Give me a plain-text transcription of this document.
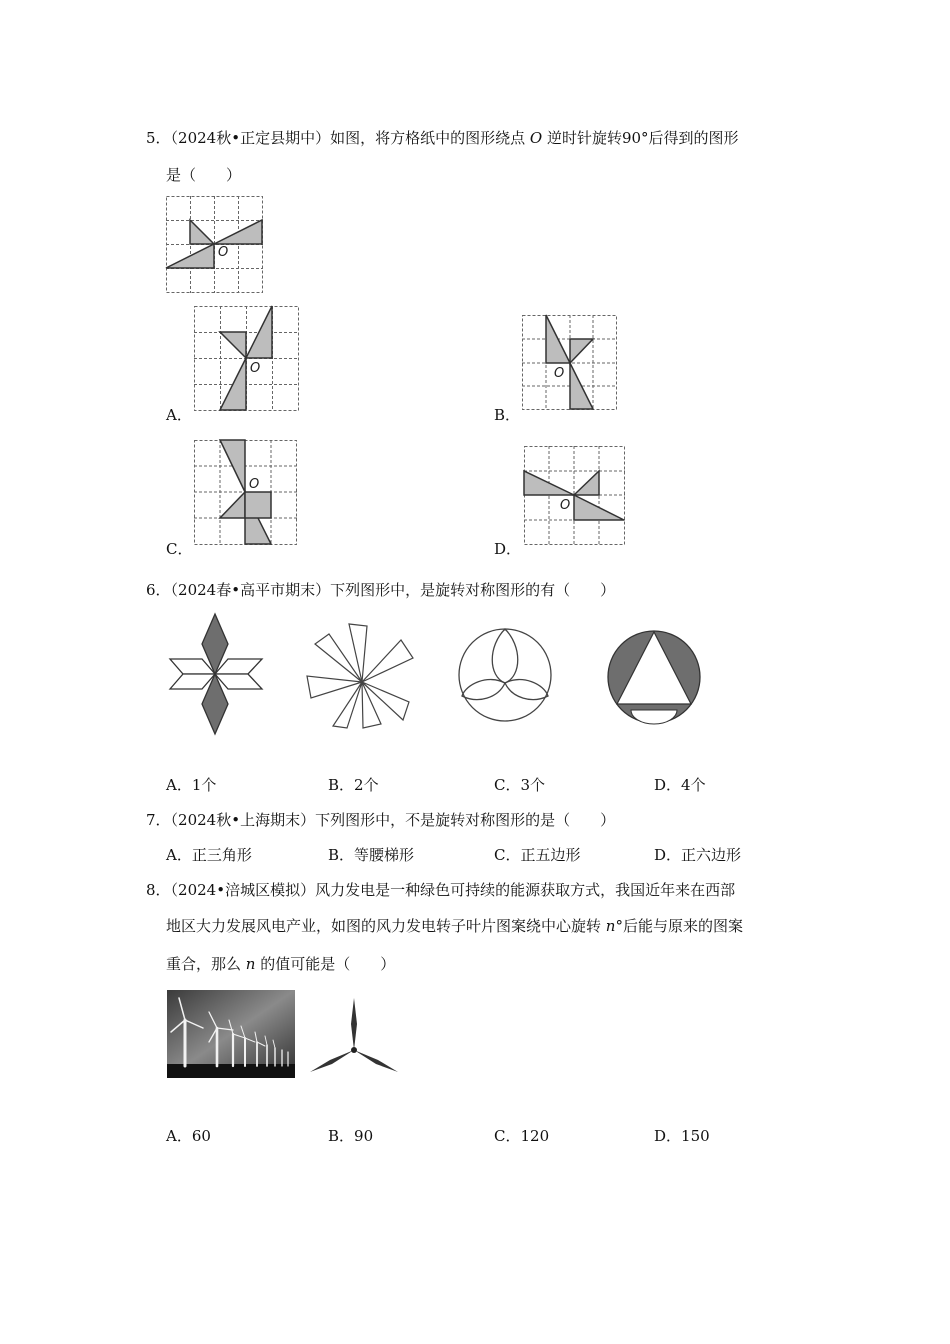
5．（2024秋•正定县期中）如图，将方格纸中的图形绕点 O 逆时针旋转90°后得到的图形
是（　　）
O
O
A．
O
B．
O
C．
O
D．
6．（2024春•高平市期末）下列图形中，是旋转对称图形的有（　　）
A．1个	B．2个	C．3个	D．4个
7．（2024秋•上海期末）下列图形中，不是旋转对称图形的是（　　）
A．正三角形	B．等腰梯形	C．正五边形	D．正六边形
8．（2024•涪城区模拟）风力发电是一种绿色可持续的能源获取方式，我国近年来在西部
地区大力发展风电产业，如图的风力发电转子叶片图案绕中心旋转 n°后能与原来的图案
重合，那么 n 的值可能是（　　）
A．60	B．90	C．120	D．150
